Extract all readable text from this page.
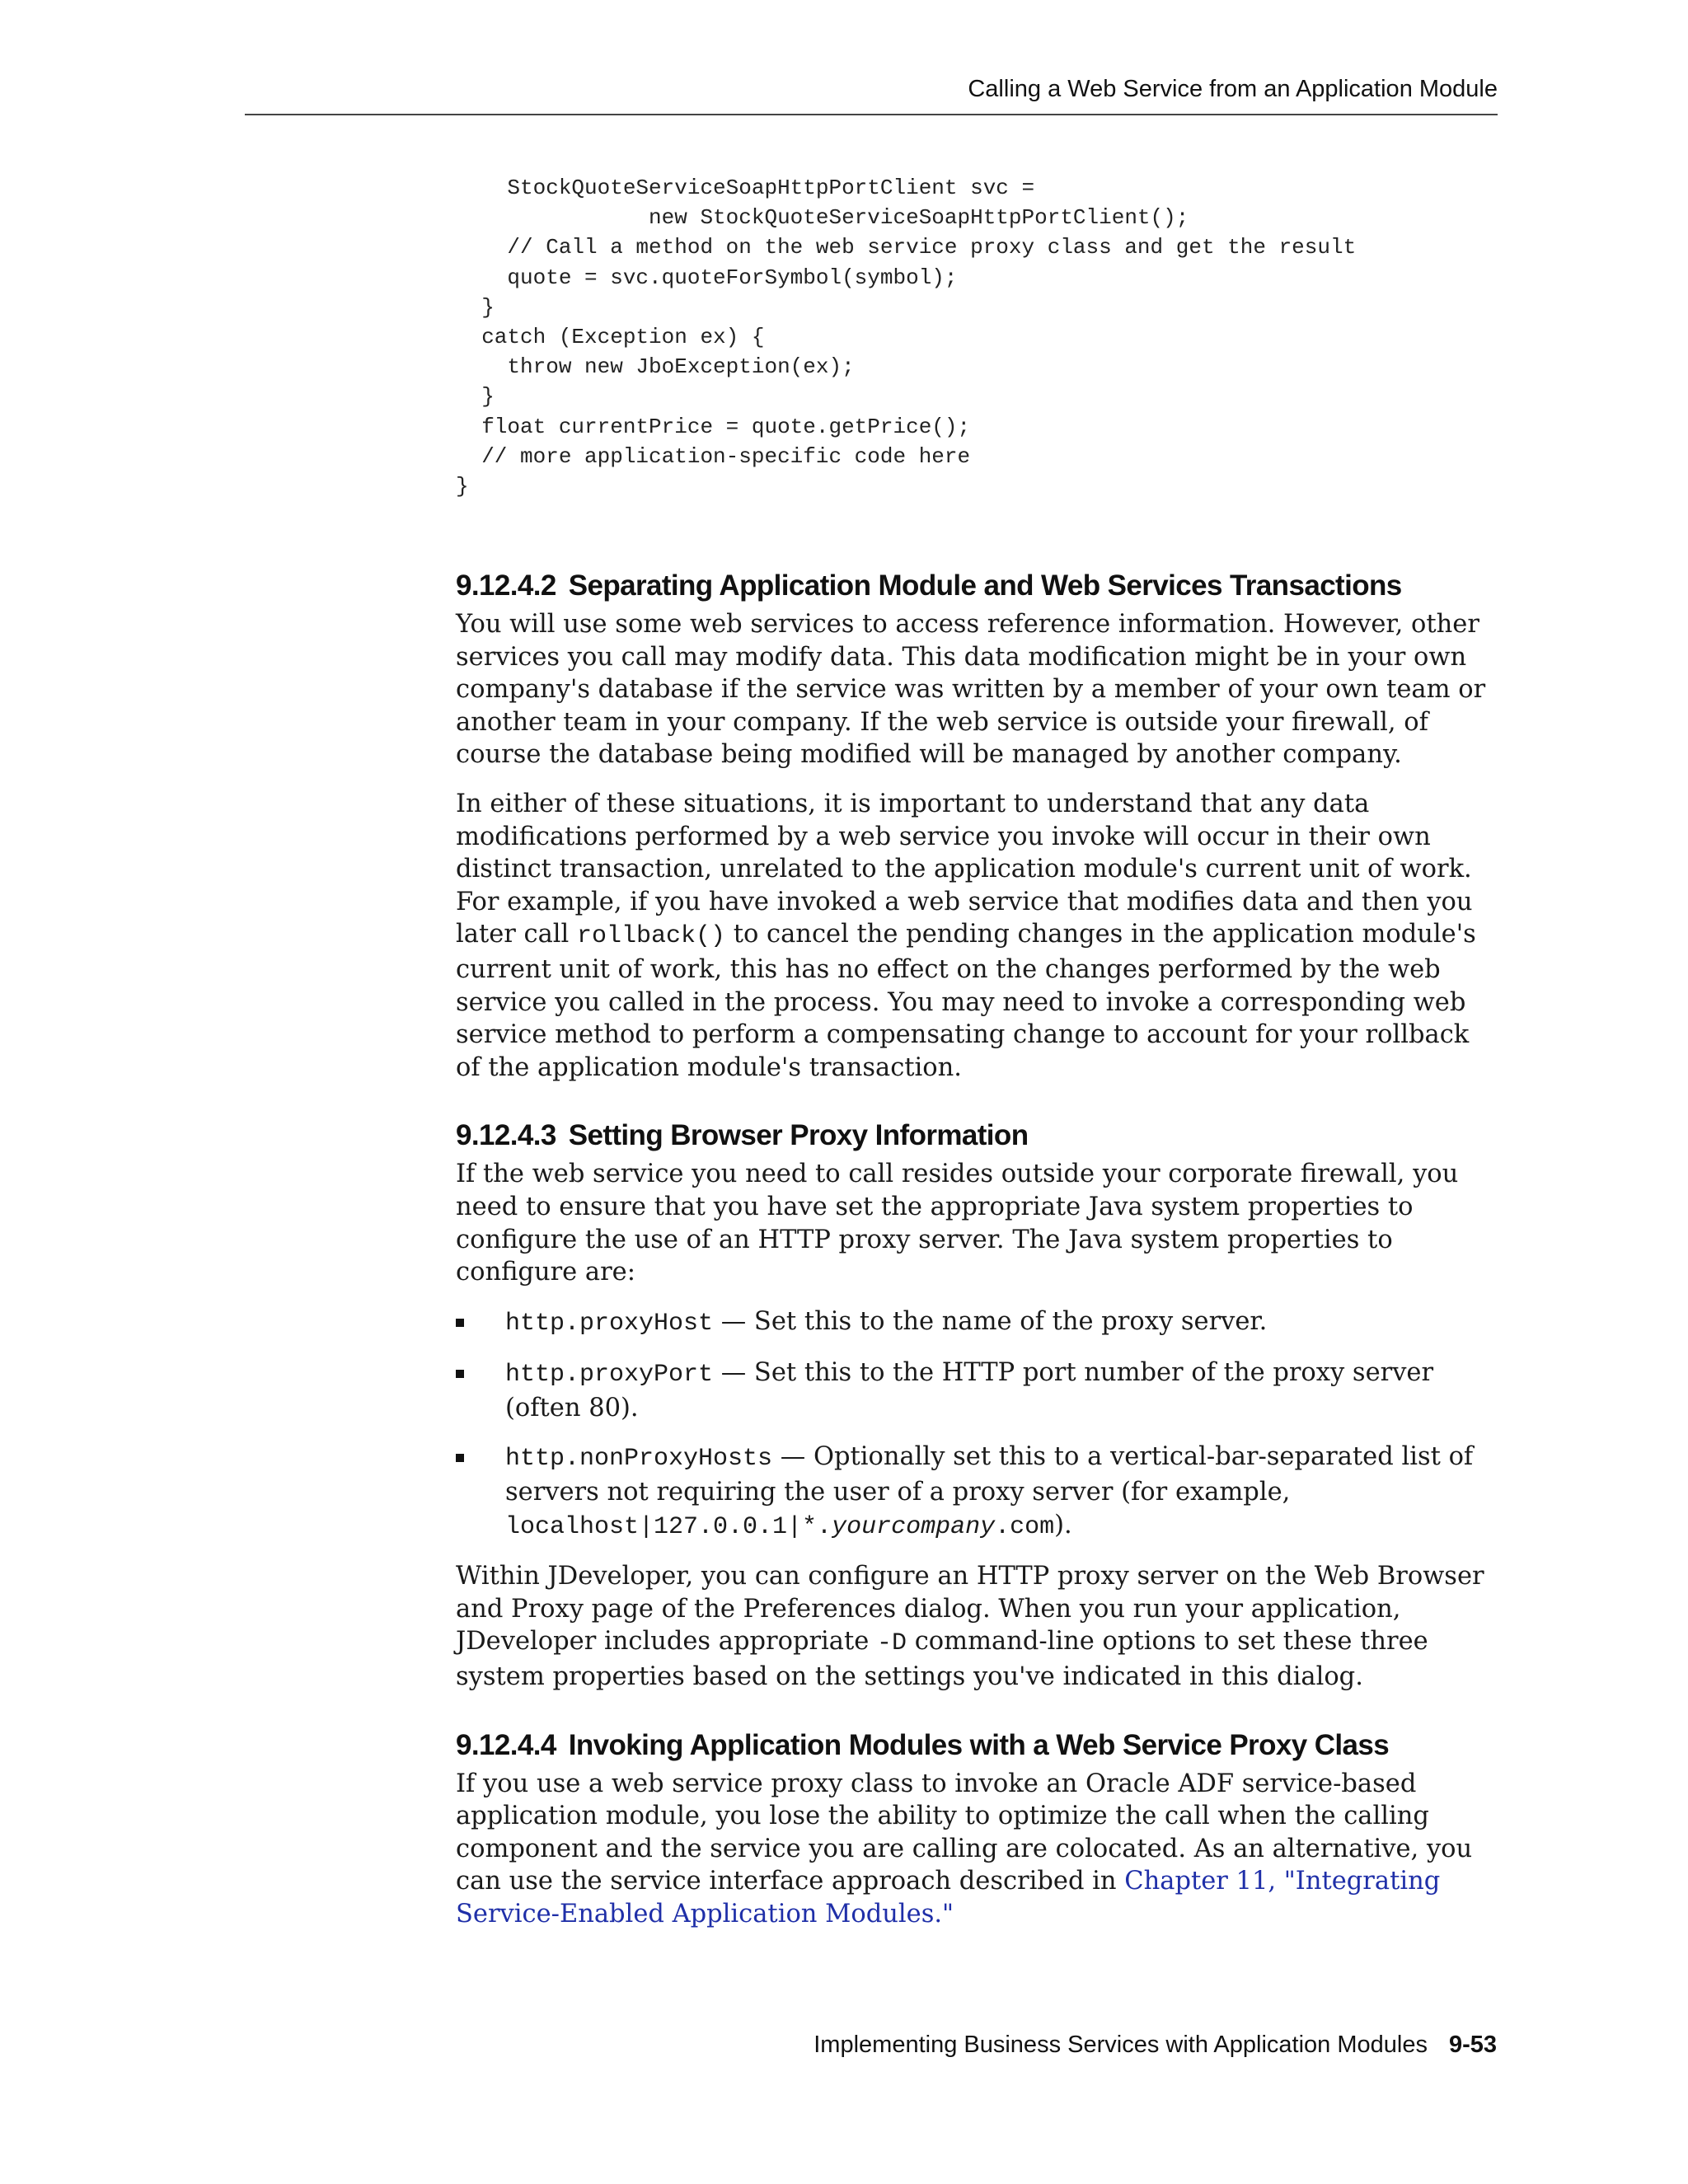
Calling a Web Service from an Application Module
StockQuoteServiceSoapHttpPortClient svc =
new StockQuoteServiceSoapHttpPortClient();
// Call a method on the web service proxy class and get the result
quote = svc.quoteForSymbol(symbol);
}
catch (Exception ex) {
throw new JboException(ex);
}
float currentPrice = quote.getPrice();
// more application-specific code here
}
9.12.4.2 Separating Application Module and Web Services Transactions

You will use some web services to access reference information. However, other services you call may modify data. This data modification might be in your own company's database if the service was written by a member of your own team or another team in your company. If the web service is outside your firewall, of course the database being modified will be managed by another company.

In either of these situations, it is important to understand that any data modifications performed by a web service you invoke will occur in their own distinct transaction, unrelated to the application module's current unit of work. For example, if you have invoked a web service that modifies data and then you later call rollback() to cancel the pending changes in the application module's current unit of work, this has no effect on the changes performed by the web service you called in the process. You may need to invoke a corresponding web service method to perform a compensating change to account for your rollback of the application module's transaction.

9.12.4.3 Setting Browser Proxy Information

If the web service you need to call resides outside your corporate firewall, you need to ensure that you have set the appropriate Java system properties to configure the use of an HTTP proxy server. The Java system properties to configure are:

http.proxyHost — Set this to the name of the proxy server.
http.proxyPort — Set this to the HTTP port number of the proxy server (often 80).
http.nonProxyHosts — Optionally set this to a vertical-bar-separated list of servers not requiring the user of a proxy server (for example, localhost|127.0.0.1|*.yourcompany.com).

Within JDeveloper, you can configure an HTTP proxy server on the Web Browser and Proxy page of the Preferences dialog. When you run your application, JDeveloper includes appropriate -D command-line options to set these three system properties based on the settings you've indicated in this dialog.

9.12.4.4 Invoking Application Modules with a Web Service Proxy Class

If you use a web service proxy class to invoke an Oracle ADF service-based application module, you lose the ability to optimize the call when the calling component and the service you are calling are colocated. As an alternative, you can use the service interface approach described in Chapter 11, "Integrating Service-Enabled Application Modules."

Implementing Business Services with Application Modules 9-53
